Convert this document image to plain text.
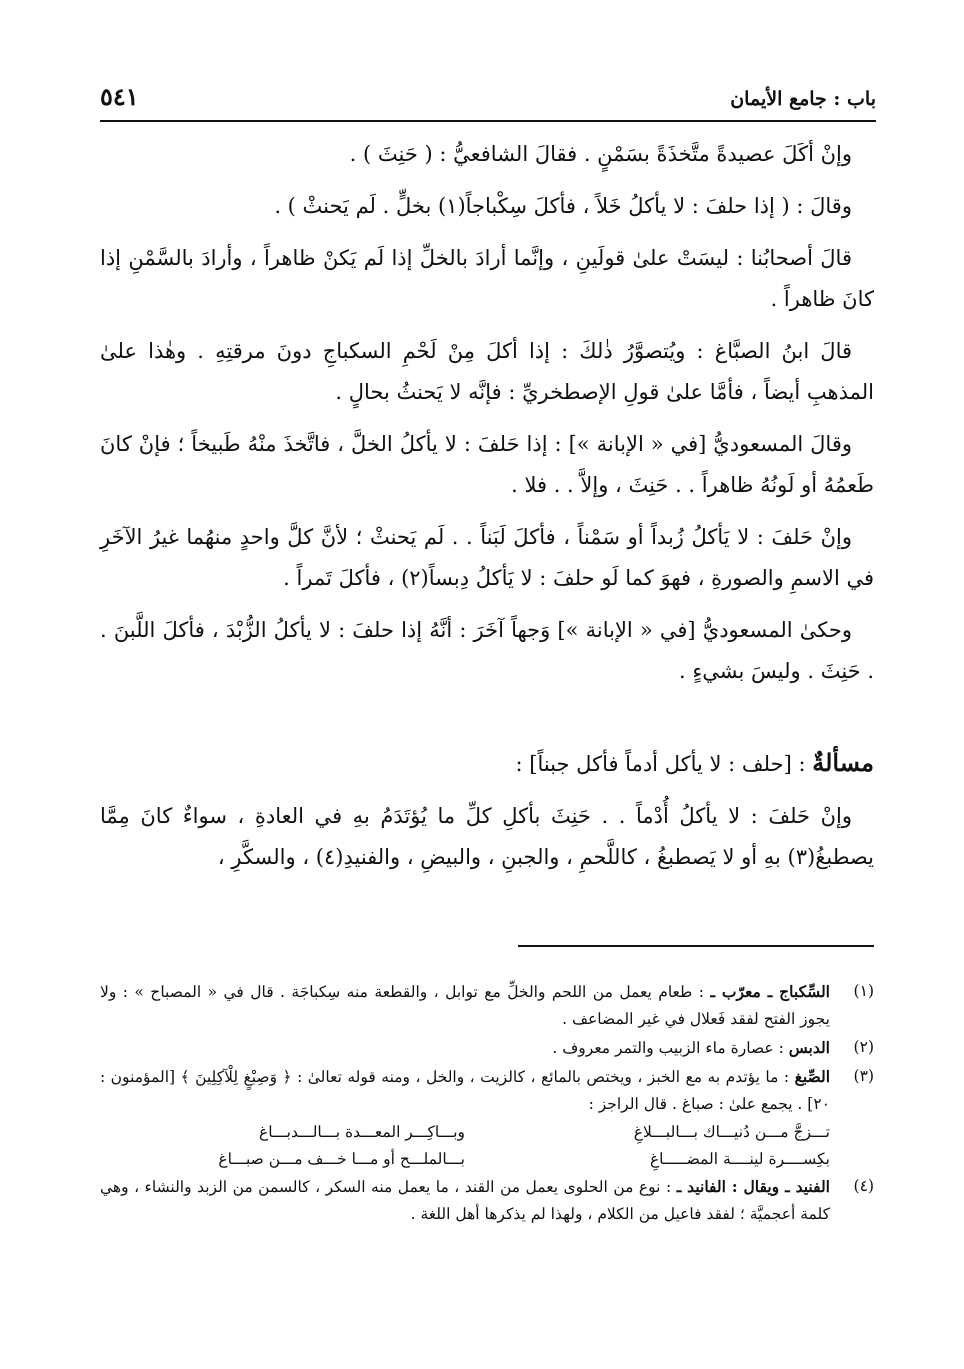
باب : جامع الأيمان
٥٤١

وإنْ أكَلَ عصيدةً متَّخذَةً بسَمْنٍ . فقالَ الشافعيُّ : ( حَنِثَ ) .

وقالَ : ( إذا حلفَ : لا يأكلُ خَلاً ، فأكلَ سِكْباجاً(١) بخلٍّ . لَم يَحنثْ ) .

قالَ أصحابُنا : ليسَتْ علىٰ قولَينِ ، وإنَّما أرادَ بالخلِّ إذا لَم يَكنْ ظاهراً ، وأرادَ بالسَّمْنِ إذا كانَ ظاهراً .

قالَ ابنُ الصبَّاغ : ويُتصوَّرُ ذٰلكَ : إذا أكلَ مِنْ لَحْمِ السكباجِ دونَ مرقتِهِ . وهٰذا علىٰ المذهبِ أيضاً ، فأمَّا علىٰ قولِ الإصطخريِّ : فإنَّه لا يَحنثُ بحالٍ .

وقالَ المسعوديُّ [في « الإبانة »] : إذا حَلفَ : لا يأكلُ الخلَّ ، فاتَّخذَ منْهُ طَبيخاً ؛ فإنْ كانَ طَعمُهُ أو لَونُهُ ظاهراً . . حَنِثَ ، وإلاَّ . . فلا .

وإنْ حَلفَ : لا يَأكلُ زُبداً أو سَمْناً ، فأكلَ لَبَناً . . لَم يَحنثْ ؛ لأنَّ كلَّ واحدٍ منهُما غيرُ الآخَرِ في الاسمِ والصورةِ ، فهوَ كما لَو حلفَ : لا يَأكلُ دِبساً(٢) ، فأكلَ تَمراً .

وحكىٰ المسعوديُّ [في « الإبانة »] وَجهاً آخَرَ : أنَّهُ إذا حلفَ : لا يأكلُ الزُّبْدَ ، فأكلَ اللَّبنَ . . حَنِثَ . وليسَ بشيءٍ .

مسألةٌ : [حلف : لا يأكل أدماً فأكل جبناً] :

وإنْ حَلفَ : لا يأكلُ أُدْماً . . حَنِثَ بأكلِ كلِّ ما يُؤتَدَمُ بهِ في العادةِ ، سواءٌ كانَ مِمَّا يصطبغُ(٣) بهِ أو لا يَصطبغُ ، كاللَّحمِ ، والجبنِ ، والبيضِ ، والفنيدِ(٤) ، والسكَّرِ ،

(١)
السِّكباج ـ معرّب ـ : طعام يعمل من اللحم والخلِّ مع توابل ، والقطعة منه سِكباجَة . قال في « المصباح » : ولا يجوز الفتح لفقد فَعلال في غير المضاعف .
(٢)
الدبس : عصارة ماء الزبيب والتمر معروف .
(٣)
الصِّبغ : ما يؤتدم به مع الخبز ، ويختص بالمائع ، كالزيت ، والخل ، ومنه قوله تعالىٰ : ﴿ وَصِبْغٍ لِلْآكِلِينَ ﴾ [المؤمنون : ٢٠] . يجمع علىٰ : صباغ . قال الراجز :
تـــزجَّ مـــن دُنيـــاك بـــالبـــلاغِ
وبـــاكِـــر المعـــدة بـــالـــدبـــاغ
بكِســــرة لينــــة المضـــــاغِ
بـــالملـــح أو مـــا خـــف مـــن صبـــاغ
(٤)
الفنيد ـ ويقال : الفانيد ـ : نوع من الحلوى يعمل من القند ، ما يعمل منه السكر ، كالسمن من الزبد والنشاء ، وهي كلمة أعجميَّة ؛ لفقد فاعيل من الكلام ، ولهذا لم يذكرها أهل اللغة .
